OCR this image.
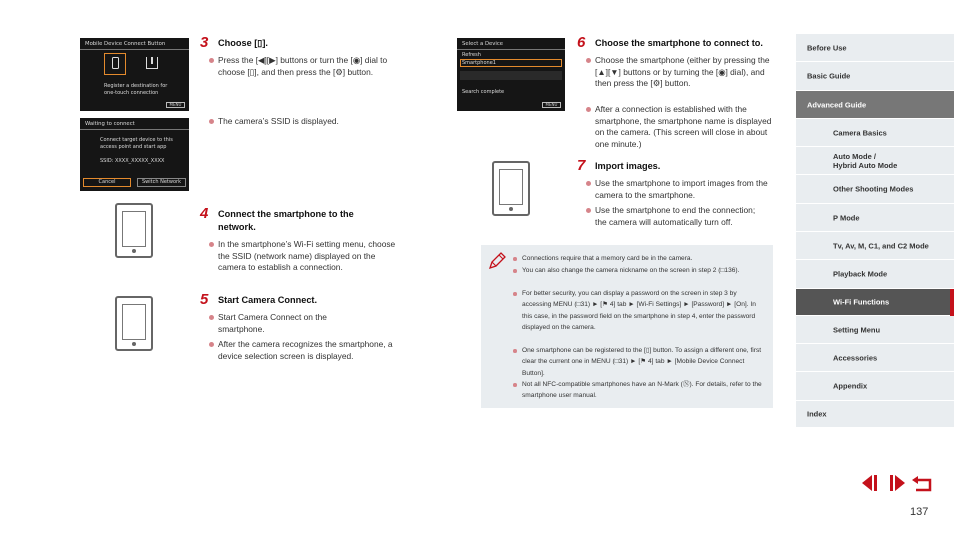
Mobile Device Connect Button
Register a destination for
one-touch connection
MENU
Waiting to connect
Connect target device to this
access point and start app
SSID: XXXX_XXXXX_XXXX
Cancel	Switch Network
3 Choose [▯].
Press the [◀][▶] buttons or turn the [◉] dial to choose [▯], and then press the [⚙] button.
The camera’s SSID is displayed.
4 Connect the smartphone to the
network.
In the smartphone’s Wi-Fi setting menu, choose the SSID (network name) displayed on the camera to establish a connection.
5 Start Camera Connect.
Start Camera Connect on the smartphone.
After the camera recognizes the smartphone, a device selection screen is displayed.
Select a Device
Refresh
Smartphone1
Search complete
MENU
6 Choose the smartphone to connect to.
Choose the smartphone (either by pressing the [▲][▼] buttons or by turning the [◉] dial), and then press the [⚙] button.
After a connection is established with the smartphone, the smartphone name is displayed on the camera. (This screen will close in about one minute.)
7 Import images.
Use the smartphone to import images from the camera to the smartphone.
Use the smartphone to end the connection; the camera will automatically turn off.
Connections require that a memory card be in the camera.
You can also change the camera nickname on the screen in step 2 (□136).
For better security, you can display a password on the screen in step 3 by accessing MENU (□31) ► [⚑ 4] tab ► [Wi-Fi Settings] ► [Password] ► [On]. In this case, in the password field on the smartphone in step 4, enter the password displayed on the camera.
One smartphone can be registered to the [▯] button. To assign a different one, first clear the current one in MENU (□31) ► [⚑ 4] tab ► [Mobile Device Connect Button].
Not all NFC-compatible smartphones have an N-Mark (Ⓝ). For details, refer to the smartphone user manual.
Before Use
Basic Guide
Advanced Guide
Camera Basics
Auto Mode /
Hybrid Auto Mode
Other Shooting Modes
P Mode
Tv, Av, M, C1, and C2 Mode
Playback Mode
Wi-Fi Functions
Setting Menu
Accessories
Appendix
Index
137
